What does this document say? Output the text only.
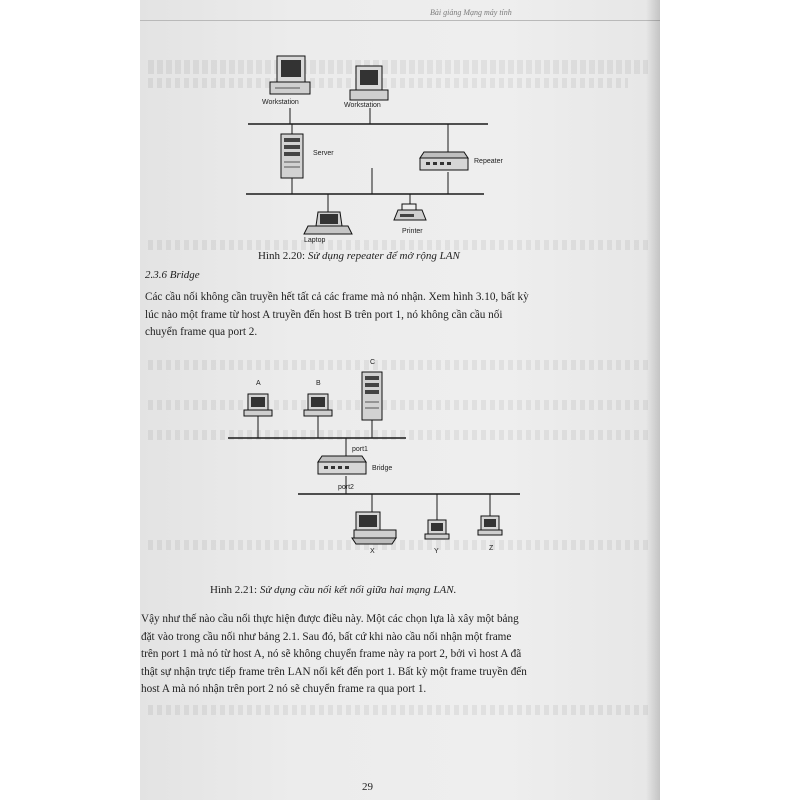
Bài giảng Mạng máy tính
Workstation	Workstation
Server
Repeater
Laptop
Printer
Hình 2.20: Sử dụng repeater để mở rộng LAN
2.3.6 Bridge
Các cầu nối không cần truyền hết tất cả các frame mà nó nhận. Xem hình 3.10, bất kỳ
lúc nào một frame từ host A truyền đến host B trên port 1, nó không cần cầu nối
chuyển frame qua port 2.
A	B
C
port1
Bridge
port2
X	Y	Z
Hình 2.21: Sử dụng cầu nối kết nối giữa hai mạng LAN.
Vậy như thế nào cầu nối thực hiện được điều này. Một các chọn lựa là xây một bảng
đặt vào trong cầu nối như bảng 2.1. Sau đó, bất cứ khi nào cầu nối nhận một frame
trên port 1 mà nó từ host A, nó sẽ không chuyển frame này ra port 2, bởi vì host A đã
thật sự nhận trực tiếp frame trên LAN nối kết đến port 1. Bất kỳ một frame truyền đến
host A mà nó nhận trên port 2 nó sẽ chuyển frame ra qua port 1.
29
